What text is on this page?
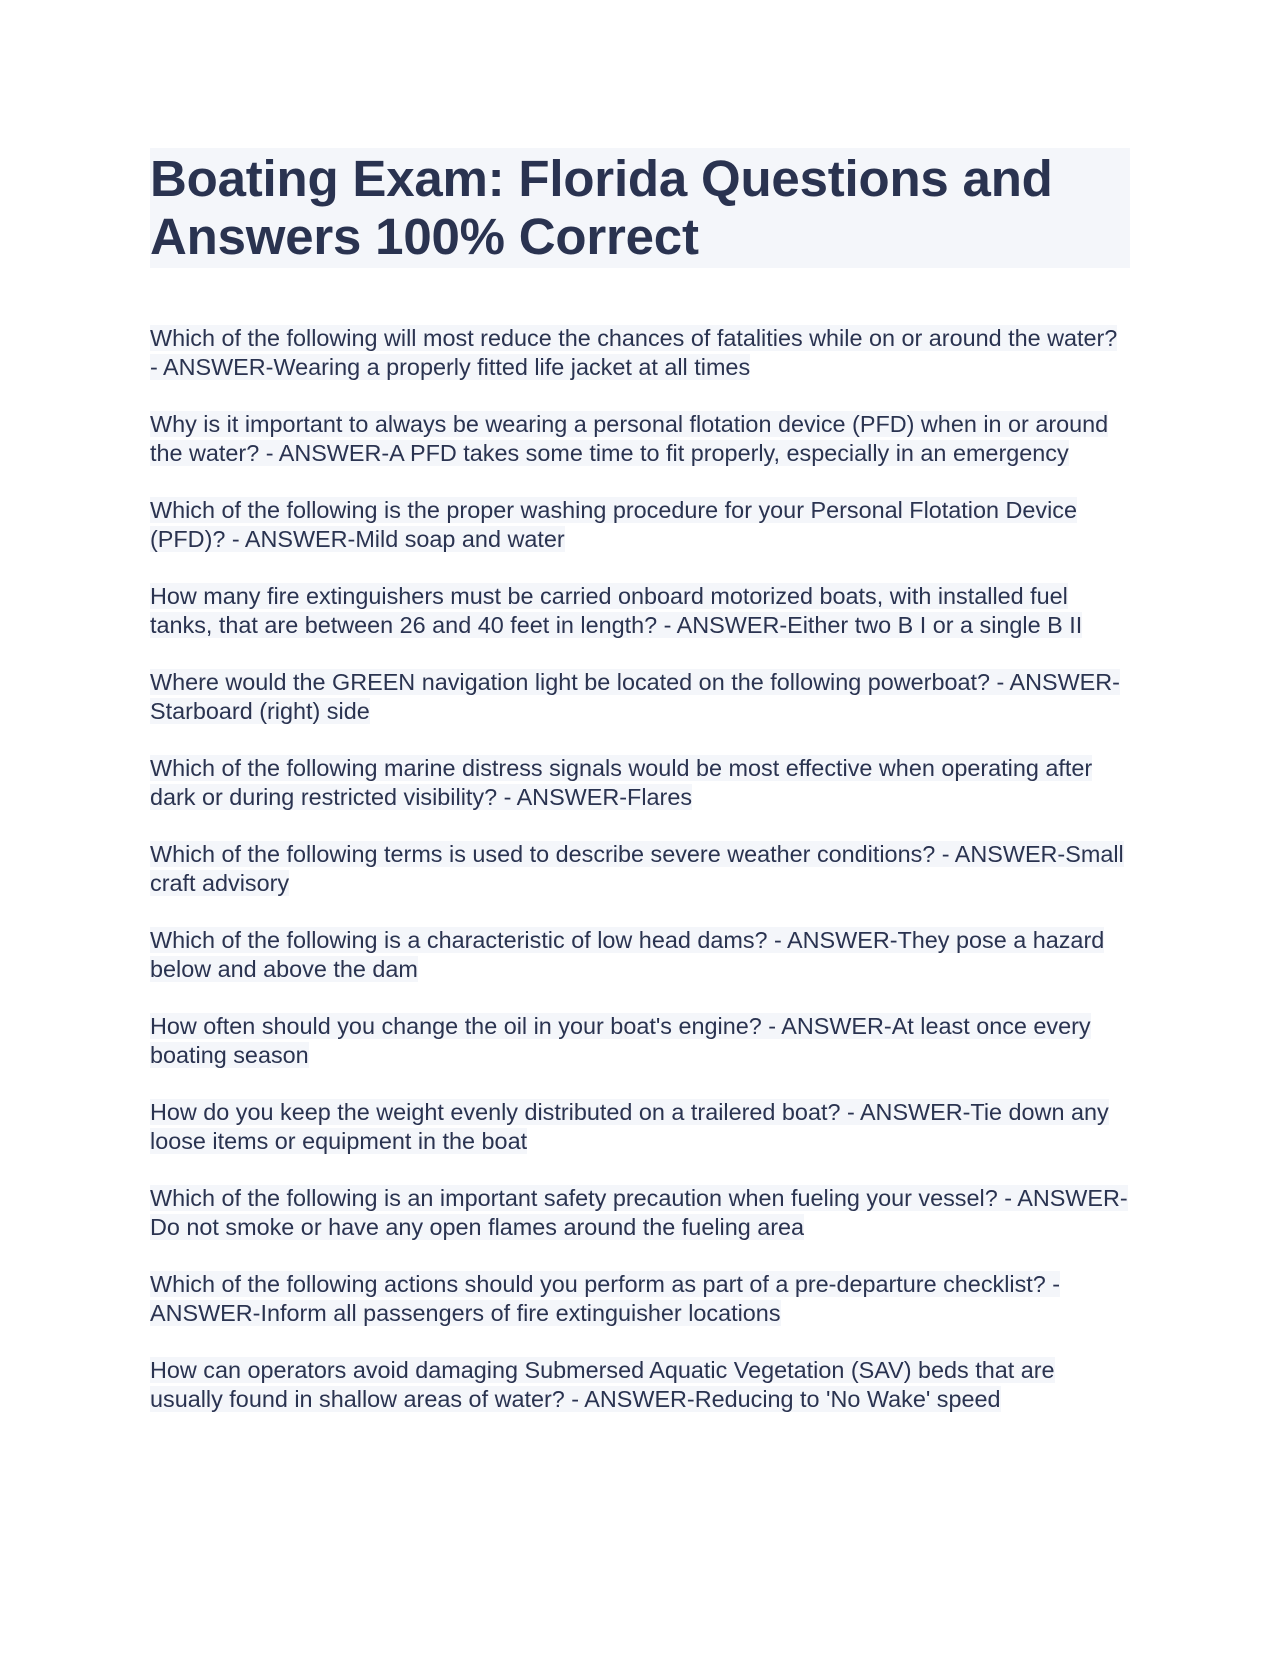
Boating Exam: Florida Questions and Answers 100% Correct

Which of the following will most reduce the chances of fatalities while on or around the water? - ANSWER-Wearing a properly fitted life jacket at all times

Why is it important to always be wearing a personal flotation device (PFD) when in or around the water? - ANSWER-A PFD takes some time to fit properly, especially in an emergency

Which of the following is the proper washing procedure for your Personal Flotation Device (PFD)? - ANSWER-Mild soap and water

How many fire extinguishers must be carried onboard motorized boats, with installed fuel tanks, that are between 26 and 40 feet in length? - ANSWER-Either two B I or a single B II

Where would the GREEN navigation light be located on the following powerboat? - ANSWER-Starboard (right) side

Which of the following marine distress signals would be most effective when operating after dark or during restricted visibility? - ANSWER-Flares

Which of the following terms is used to describe severe weather conditions? - ANSWER-Small craft advisory

Which of the following is a characteristic of low head dams? - ANSWER-They pose a hazard below and above the dam

How often should you change the oil in your boat's engine? - ANSWER-At least once every boating season

How do you keep the weight evenly distributed on a trailered boat? - ANSWER-Tie down any loose items or equipment in the boat

Which of the following is an important safety precaution when fueling your vessel? - ANSWER-Do not smoke or have any open flames around the fueling area

Which of the following actions should you perform as part of a pre-departure checklist? - ANSWER-Inform all passengers of fire extinguisher locations

How can operators avoid damaging Submersed Aquatic Vegetation (SAV) beds that are usually found in shallow areas of water? - ANSWER-Reducing to 'No Wake' speed
